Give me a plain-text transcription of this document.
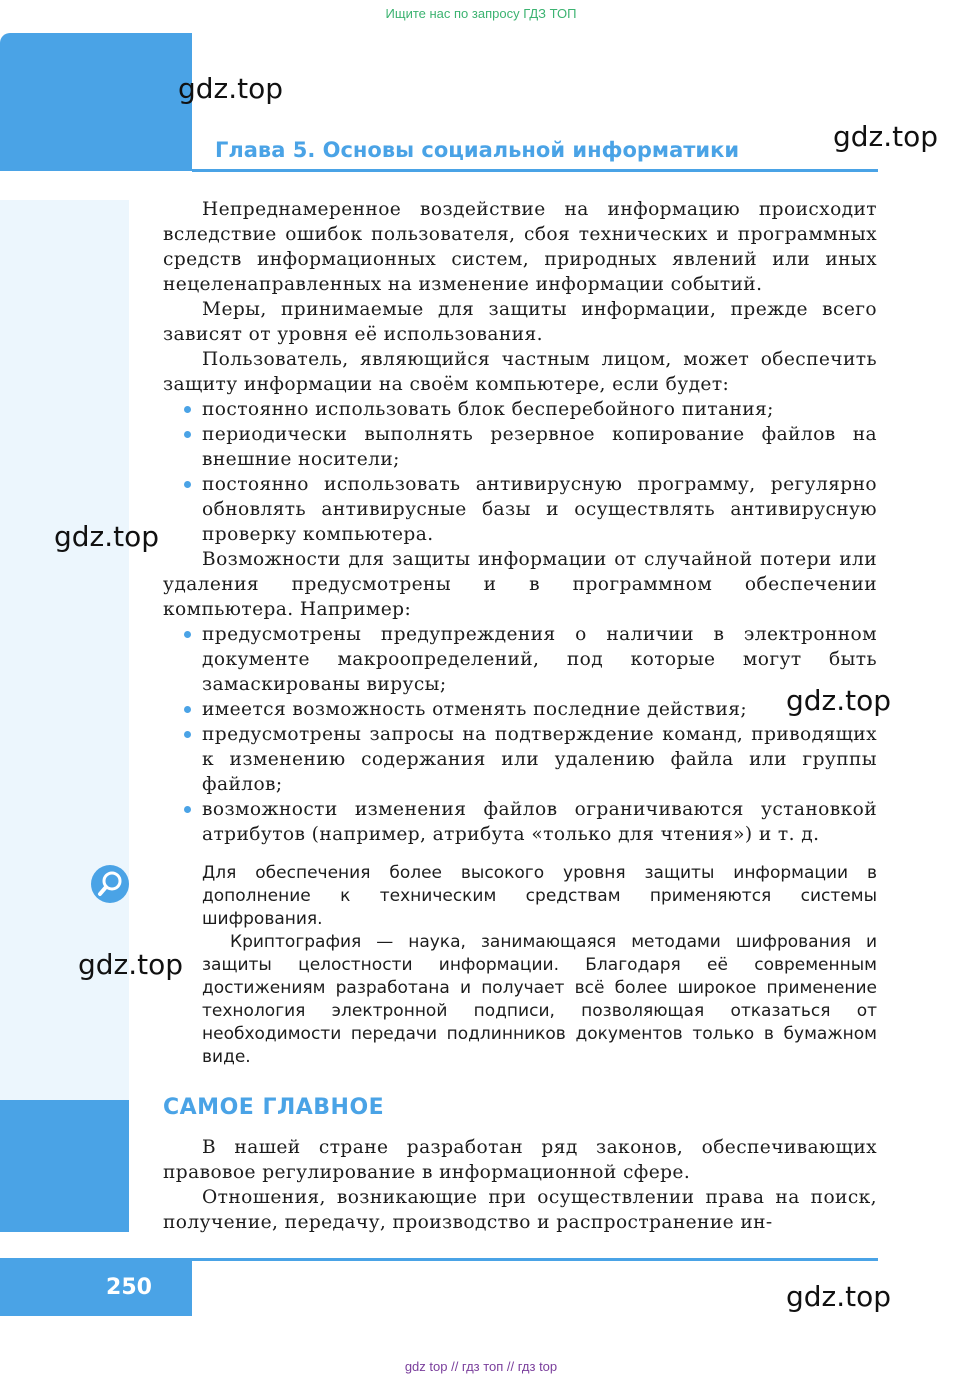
Ищите нас по запросу ГДЗ ТОП
Глава 5. Основы социальной информатики

Непреднамеренное воздействие на информацию происходит вследствие ошибок пользователя, сбоя технических и программных средств информационных систем, природных явлений или иных нецеленаправленных на изменение информации событий.

Меры, принимаемые для защиты информации, прежде всего зависят от уровня её использования.

Пользователь, являющийся частным лицом, может обеспечить защиту информации на своём компьютере, если будет:

постоянно использовать блок бесперебойного питания;
периодически выполнять резервное копирование файлов на внешние носители;
постоянно использовать антивирусную программу, регулярно обновлять антивирусные базы и осуществлять антивирусную проверку компьютера.

Возможности для защиты информации от случайной потери или удаления предусмотрены и в программном обеспечении компьютера. Например:

предусмотрены предупреждения о наличии в электронном документе макроопределений, под которые могут быть замаскированы вирусы;
имеется возможность отменять последние действия;
предусмотрены запросы на подтверждение команд, приводящих к изменению содержания или удалению файла или группы файлов;
возможности изменения файлов ограничиваются установкой атрибутов (например, атрибута «только для чтения») и т. д.

Для обеспечения более высокого уровня защиты информации в дополнение к техническим средствам применяются системы шифрования.

Криптография — наука, занимающаяся методами шифрования и защиты целостности информации. Благодаря её современным достижениям разработана и получает всё более широкое применение технология электронной подписи, позволяющая отказаться от необходимости передачи подлинников документов только в бумажном виде.

САМОЕ ГЛАВНОЕ

В нашей стране разработан ряд законов, обеспечивающих правовое регулирование в информационной сфере.

Отношения, возникающие при осуществлении права на поиск, получение, передачу, производство и распространение ин-

250
gdz.top
gdz.top
gdz.top
gdz.top
gdz.top
gdz.top
gdz top // гдз топ // гдз top
